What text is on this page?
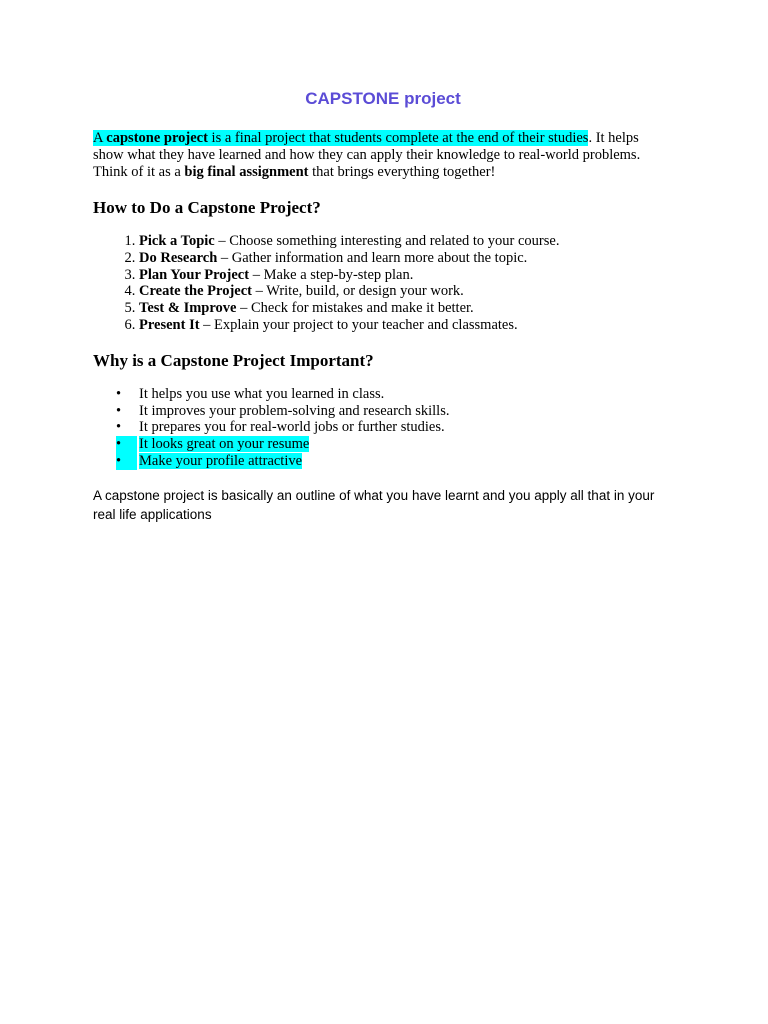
CAPSTONE project

A capstone project is a final project that students complete at the end of their studies. It helps show what they have learned and how they can apply their knowledge to real-world problems. Think of it as a big final assignment that brings everything together!

How to Do a Capstone Project?
1. Pick a Topic – Choose something interesting and related to your course.
2. Do Research – Gather information and learn more about the topic.
3. Plan Your Project – Make a step-by-step plan.
4. Create the Project – Write, build, or design your work.
5. Test & Improve – Check for mistakes and make it better.
6. Present It – Explain your project to your teacher and classmates.
Why is a Capstone Project Important?
• It helps you use what you learned in class.
• It improves your problem-solving and research skills.
• It prepares you for real-world jobs or further studies.
•	It looks great on your resume
•	Make your profile attractive

A capstone project is basically an outline of what you have learnt and you apply all that in your real life applications
